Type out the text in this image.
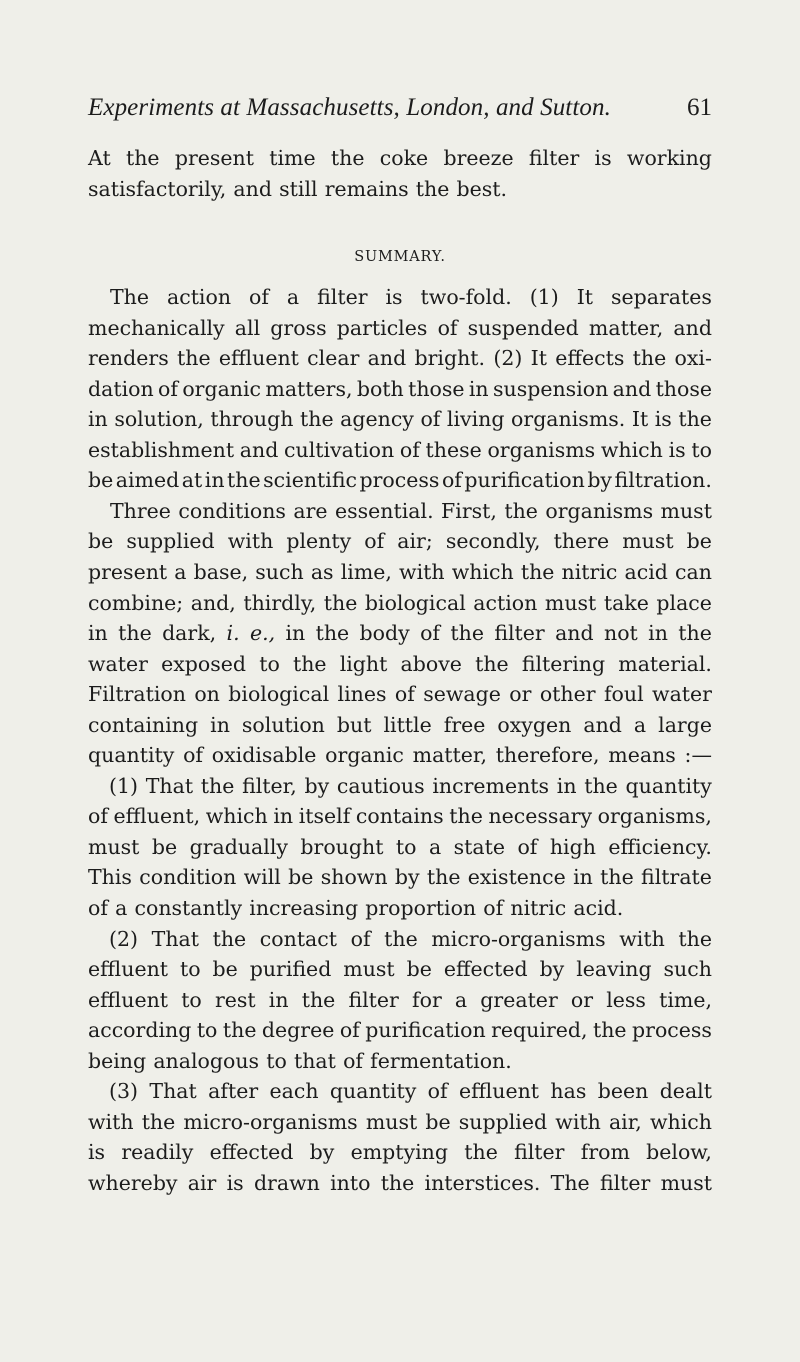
Experiments at Massachusetts, London, and Sutton.	61
At the present time the coke breeze filter is working
satisfactorily, and still remains the best.
SUMMARY.
The action of a filter is two-fold. (1) It separates
mechanically all gross particles of suspended matter, and
renders the effluent clear and bright. (2) It effects the oxi-
dation of organic matters, both those in suspension and those
in solution, through the agency of living organisms. It is the
establishment and cultivation of these organisms which is to
be aimed at in the scientific process of purification by filtration.
Three conditions are essential. First, the organisms must
be supplied with plenty of air; secondly, there must be
present a base, such as lime, with which the nitric acid can
combine; and, thirdly, the biological action must take place
in the dark, i. e., in the body of the filter and not in the
water exposed to the light above the filtering material.
Filtration on biological lines of sewage or other foul water
containing in solution but little free oxygen and a large
quantity of oxidisable organic matter, therefore, means :—
(1) That the filter, by cautious increments in the quantity
of effluent, which in itself contains the necessary organisms,
must be gradually brought to a state of high efficiency.
This condition will be shown by the existence in the filtrate
of a constantly increasing proportion of nitric acid.
(2) That the contact of the micro-organisms with the
effluent to be purified must be effected by leaving such
effluent to rest in the filter for a greater or less time,
according to the degree of purification required, the process
being analogous to that of fermentation.
(3) That after each quantity of effluent has been dealt
with the micro-organisms must be supplied with air, which
is readily effected by emptying the filter from below,
whereby air is drawn into the interstices. The filter must
